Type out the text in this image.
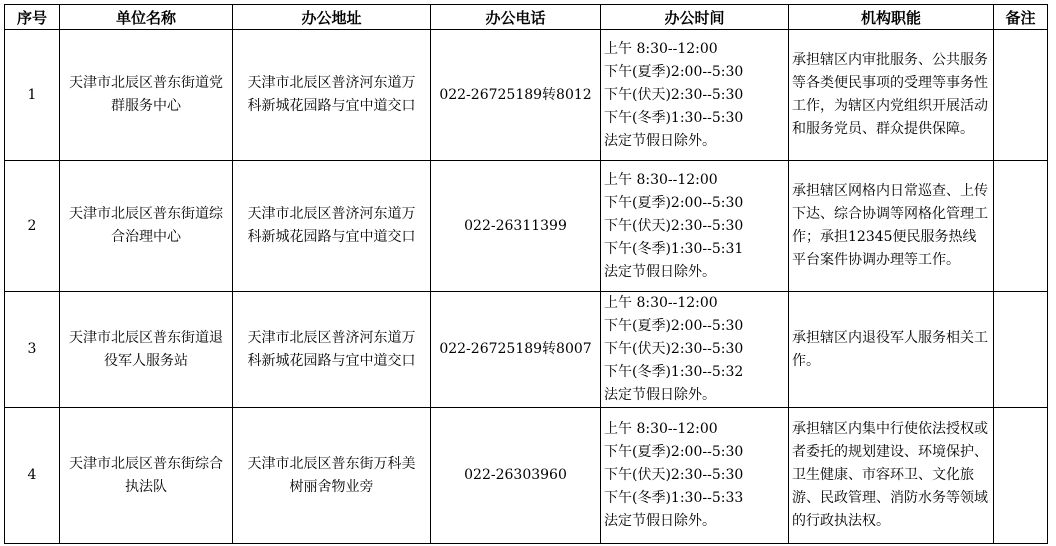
序号	单位名称	办公地址	办公电话	办公时间	机构职能	备注
1	天津市北辰区普东街道党群服务中心	天津市北辰区普济河东道万科新城花园路与宜中道交口	022-26725189转8012	上午 8:30--12:00
下午(夏季)2:00--5:30
下午(伏天)2:30--5:30
下午(冬季)1:30--5:30
法定节假日除外。	承担辖区内审批服务、公共服务等各类便民事项的受理等事务性工作，为辖区内党组织开展活动和服务党员、群众提供保障。	
2	天津市北辰区普东街道综合治理中心	天津市北辰区普济河东道万科新城花园路与宜中道交口	022-26311399	上午 8:30--12:00
下午(夏季)2:00--5:30
下午(伏天)2:30--5:30
下午(冬季)1:30--5:31
法定节假日除外。	承担辖区网格内日常巡查、上传下达、综合协调等网格化管理工作；承担12345便民服务热线平台案件协调办理等工作。	
3	天津市北辰区普东街道退役军人服务站	天津市北辰区普济河东道万科新城花园路与宜中道交口	022-26725189转8007	上午 8:30--12:00
下午(夏季)2:00--5:30
下午(伏天)2:30--5:30
下午(冬季)1:30--5:32
法定节假日除外。	承担辖区内退役军人服务相关工作。	
4	天津市北辰区普东街综合执法队	天津市北辰区普东街万科美树丽舍物业旁	022-26303960	上午 8:30--12:00
下午(夏季)2:00--5:30
下午(伏天)2:30--5:30
下午(冬季)1:30--5:33
法定节假日除外。	承担辖区内集中行使依法授权或者委托的规划建设、环境保护、卫生健康、市容环卫、文化旅游、民政管理、消防水务等领域的行政执法权。	
